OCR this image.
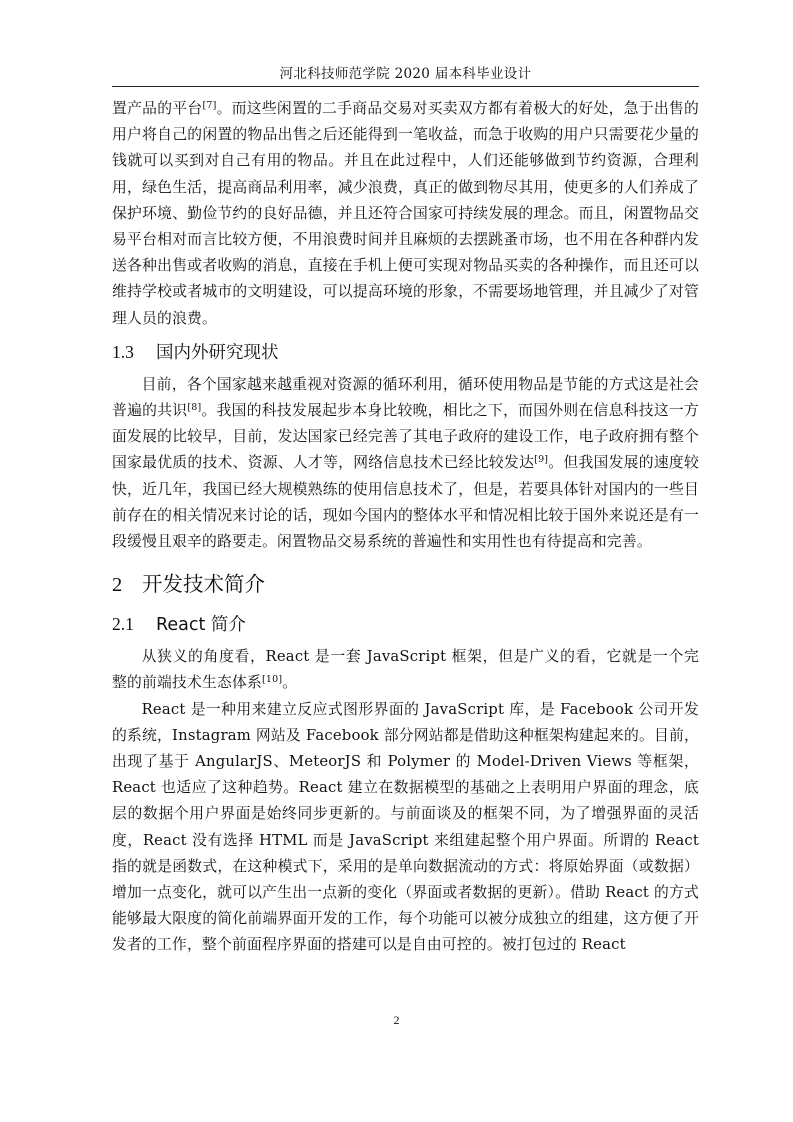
河北科技师范学院 2020 届本科毕业设计

置产品的平台[7]。而这些闲置的二手商品交易对买卖双方都有着极大的好处，急于出售的用户将自己的闲置的物品出售之后还能得到一笔收益，而急于收购的用户只需要花少量的钱就可以买到对自己有用的物品。并且在此过程中，人们还能够做到节约资源，合理利用，绿色生活，提高商品利用率，减少浪费，真正的做到物尽其用，使更多的人们养成了保护环境、勤俭节约的良好品德，并且还符合国家可持续发展的理念。而且，闲置物品交易平台相对而言比较方便，不用浪费时间并且麻烦的去摆跳蚤市场，也不用在各种群内发送各种出售或者收购的消息，直接在手机上便可实现对物品买卖的各种操作，而且还可以维持学校或者城市的文明建设，可以提高环境的形象，不需要场地管理，并且减少了对管理人员的浪费。

1.3 国内外研究现状

目前，各个国家越来越重视对资源的循环利用，循环使用物品是节能的方式这是社会普遍的共识[8]。我国的科技发展起步本身比较晚，相比之下，而国外则在信息科技这一方面发展的比较早，目前，发达国家已经完善了其电子政府的建设工作，电子政府拥有整个国家最优质的技术、资源、人才等，网络信息技术已经比较发达[9]。但我国发展的速度较快，近几年，我国已经大规模熟练的使用信息技术了，但是，若要具体针对国内的一些目前存在的相关情况来讨论的话，现如今国内的整体水平和情况相比较于国外来说还是有一段缓慢且艰辛的路要走。闲置物品交易系统的普遍性和实用性也有待提高和完善。

2 开发技术简介
2.1 React 简介

从狭义的角度看，React 是一套 JavaScript 框架，但是广义的看，它就是一个完整的前端技术生态体系[10]。

React 是一种用来建立反应式图形界面的 JavaScript 库，是 Facebook 公司开发的系统，Instagram 网站及 Facebook 部分网站都是借助这种框架构建起来的。目前，出现了基于 AngularJS、MeteorJS 和 Polymer 的 Model-Driven Views 等框架，React 也适应了这种趋势。React 建立在数据模型的基础之上表明用户界面的理念，底层的数据个用户界面是始终同步更新的。与前面谈及的框架不同，为了增强界面的灵活度，React 没有选择 HTML 而是 JavaScript 来组建起整个用户界面。所谓的 React 指的就是函数式，在这种模式下，采用的是单向数据流动的方式：将原始界面（或数据）增加一点变化，就可以产生出一点新的变化（界面或者数据的更新）。借助 React 的方式能够最大限度的简化前端界面开发的工作，每个功能可以被分成独立的组建，这方便了开发者的工作，整个前面程序界面的搭建可以是自由可控的。被打包过的 React

2
